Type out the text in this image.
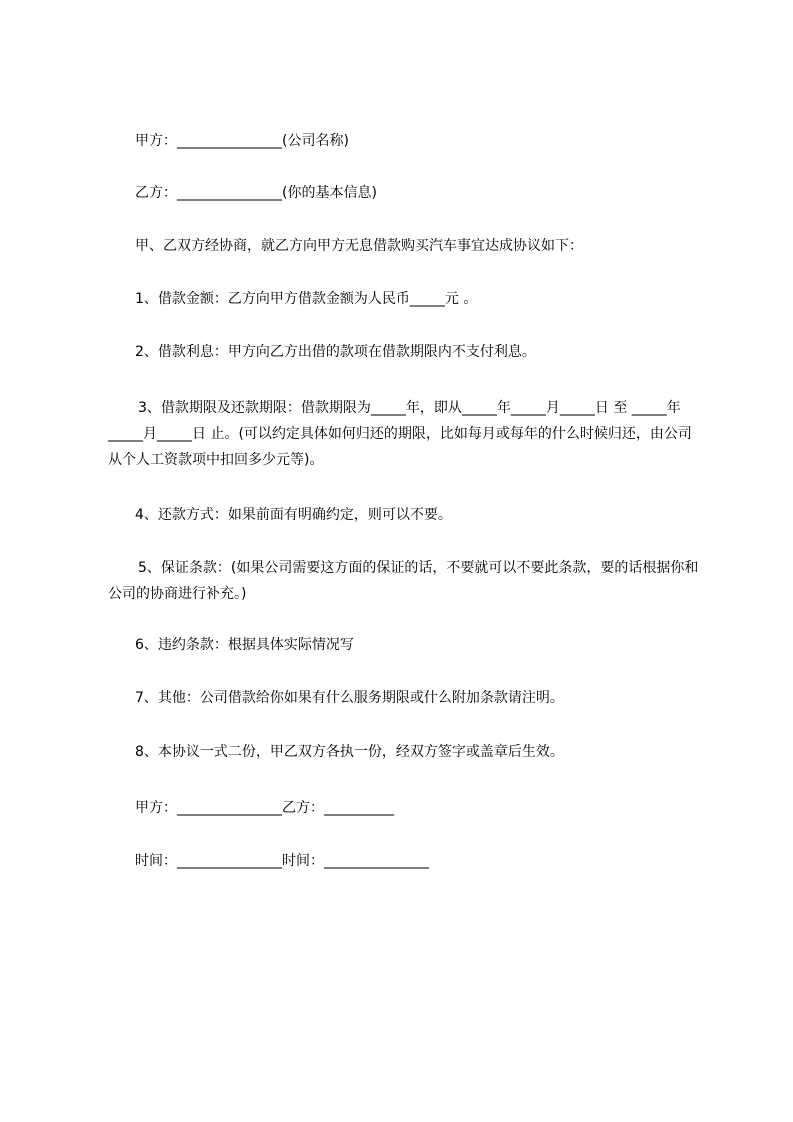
甲方：_______________(公司名称)

乙方：_______________(你的基本信息)

甲、乙双方经协商，就乙方向甲方无息借款购买汽车事宜达成协议如下：

1、借款金额：乙方向甲方借款金额为人民币_____元 。

2、借款利息：甲方向乙方出借的款项在借款期限内不支付利息。

3、借款期限及还款期限：借款期限为_____年，即从_____年_____月_____日 至 _____年_____月_____日 止。(可以约定具体如何归还的期限，比如每月或每年的什么时候归还，由公司从个人工资款项中扣回多少元等)。

4、还款方式：如果前面有明确约定，则可以不要。

5、保证条款：(如果公司需要这方面的保证的话，不要就可以不要此条款，要的话根据你和公司的协商进行补充。)

6、违约条款：根据具体实际情况写

7、其他：公司借款给你如果有什么服务期限或什么附加条款请注明。

8、本协议一式二份，甲乙双方各执一份，经双方签字或盖章后生效。

甲方：_______________乙方：__________

时间：_______________时间：_______________
